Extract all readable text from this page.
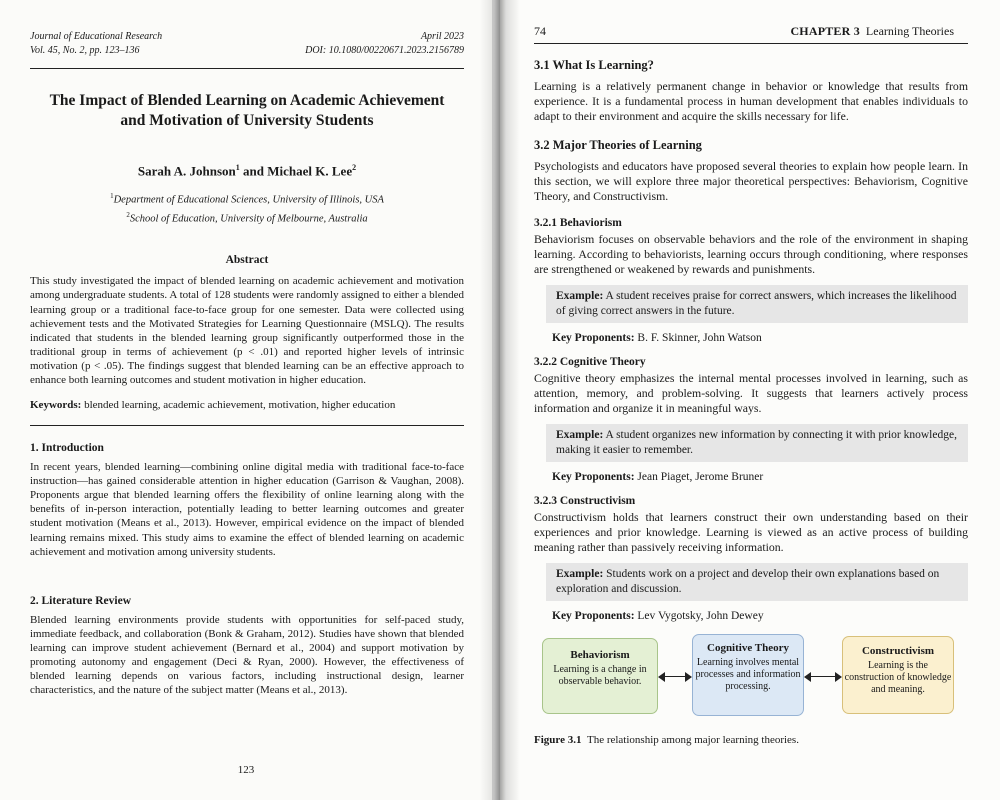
Journal of Educational Research
Vol. 45, No. 2, pp. 123–136
April 2023
DOI: 10.1080/00220671.2023.2156789
The Impact of Blended Learning on Academic Achievement and Motivation of University Students
Sarah A. Johnson$^1$ and Michael K. Lee$^2$
$^1$Department of Educational Sciences, University of Illinois, USA
$^2$School of Education, University of Melbourne, Australia
Abstract
This study investigated the impact of blended learning on academic achievement and motivation among undergraduate students. A total of 128 students were randomly assigned to either a blended learning group or a traditional face-to-face group for one semester. Data were collected using achievement tests and the Motivated Strategies for Learning Questionnaire (MSLQ). The results indicated that students in the blended learning group significantly outperformed those in the traditional group in terms of achievement (p < .01) and reported higher levels of intrinsic motivation (p < .05). The findings suggest that blended learning can be an effective approach to enhance both learning outcomes and student motivation in higher education.
Keywords: blended learning, academic achievement, motivation, higher education
1. Introduction
In recent years, blended learning—combining online digital media with traditional face-to-face instruction—has gained considerable attention in higher education (Garrison & Vaughan, 2008). Proponents argue that blended learning offers the flexibility of online learning along with the benefits of in-person interaction, potentially leading to better learning outcomes and greater student motivation (Means et al., 2013). However, empirical evidence on the impact of blended learning remains mixed. This study aims to examine the effect of blended learning on academic achievement and motivation among university students.
2. Literature Review
Blended learning environments provide students with opportunities for self-paced study, immediate feedback, and collaboration (Bonk & Graham, 2012). Studies have shown that blended learning can improve student achievement (Bernard et al., 2004) and support motivation by promoting autonomy and engagement (Deci & Ryan, 2000). However, the effectiveness of blended learning depends on various factors, including instructional design, learner characteristics, and the nature of the subject matter (Means et al., 2013).
123
74	CHAPTER 3 Learning Theories
3.1 What Is Learning?
Learning is a relatively permanent change in behavior or knowledge that results from experience. It is a fundamental process in human development that enables individuals to adapt to their environment and acquire the skills necessary for life.
3.2 Major Theories of Learning
Psychologists and educators have proposed several theories to explain how people learn. In this section, we will explore three major theoretical perspectives: Behaviorism, Cognitive Theory, and Constructivism.
3.2.1 Behaviorism
Behaviorism focuses on observable behaviors and the role of the environment in shaping learning. According to behaviorists, learning occurs through conditioning, where responses are strengthened or weakened by rewards and punishments.
Example: A student receives praise for correct answers, which increases the likelihood of giving correct answers in the future.
Key Proponents: B. F. Skinner, John Watson
3.2.2 Cognitive Theory
Cognitive theory emphasizes the internal mental processes involved in learning, such as attention, memory, and problem-solving. It suggests that learners actively process information and organize it in meaningful ways.
Example: A student organizes new information by connecting it with prior knowledge, making it easier to remember.
Key Proponents: Jean Piaget, Jerome Bruner
3.2.3 Constructivism
Constructivism holds that learners construct their own understanding based on their experiences and prior knowledge. Learning is viewed as an active process of building meaning rather than passively receiving information.
Example: Students work on a project and develop their own explanations based on exploration and discussion.
Key Proponents: Lev Vygotsky, John Dewey
Behaviorism
Learning is a change in observable behavior.
Cognitive Theory
Learning involves mental processes and information processing.
Constructivism
Learning is the construction of knowledge and meaning.
Figure 3.1 The relationship among major learning theories.
